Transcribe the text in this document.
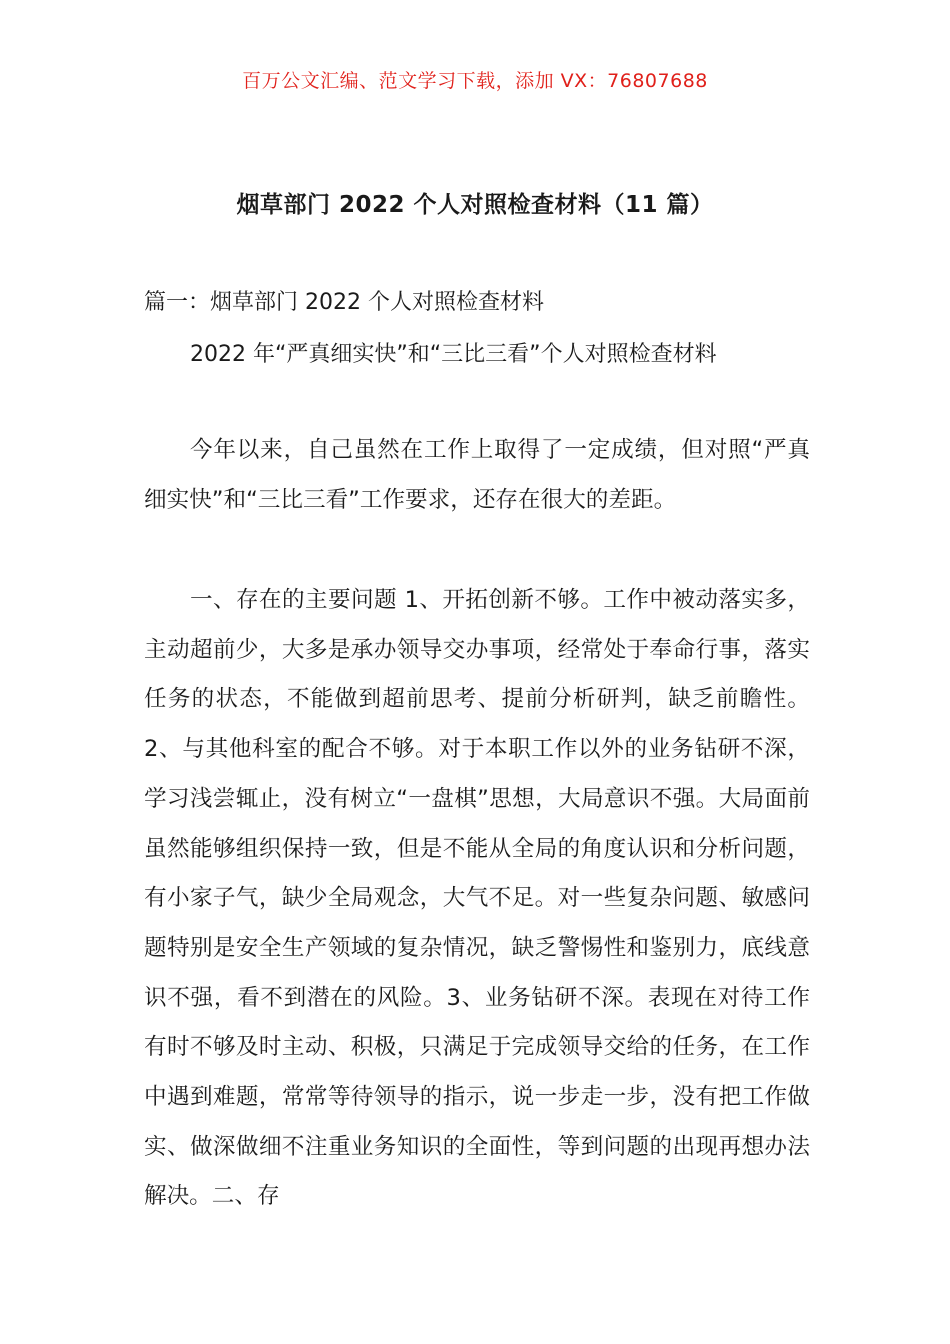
百万公文汇编、范文学习下载，添加 VX：76807688
烟草部门 2022 个人对照检查材料（11 篇）
篇一：烟草部门 2022 个人对照检查材料
2022 年“严真细实快”和“三比三看”个人对照检查材料

今年以来，自己虽然在工作上取得了一定成绩，但对照“严真细实快”和“三比三看”工作要求，还存在很大的差距。

一、存在的主要问题 1、开拓创新不够。工作中被动落实多，主动超前少，大多是承办领导交办事项，经常处于奉命行事，落实任务的状态，不能做到超前思考、提前分析研判，缺乏前瞻性。2、与其他科室的配合不够。对于本职工作以外的业务钻研不深，学习浅尝辄止，没有树立“一盘棋”思想，大局意识不强。大局面前虽然能够组织保持一致，但是不能从全局的角度认识和分析问题，有小家子气，缺少全局观念，大气不足。对一些复杂问题、敏感问题特别是安全生产领域的复杂情况，缺乏警惕性和鉴别力，底线意识不强，看不到潜在的风险。3、业务钻研不深。表现在对待工作有时不够及时主动、积极，只满足于完成领导交给的任务，在工作中遇到难题，常常等待领导的指示，说一步走一步，没有把工作做实、做深做细不注重业务知识的全面性，等到问题的出现再想办法解决。二、存
